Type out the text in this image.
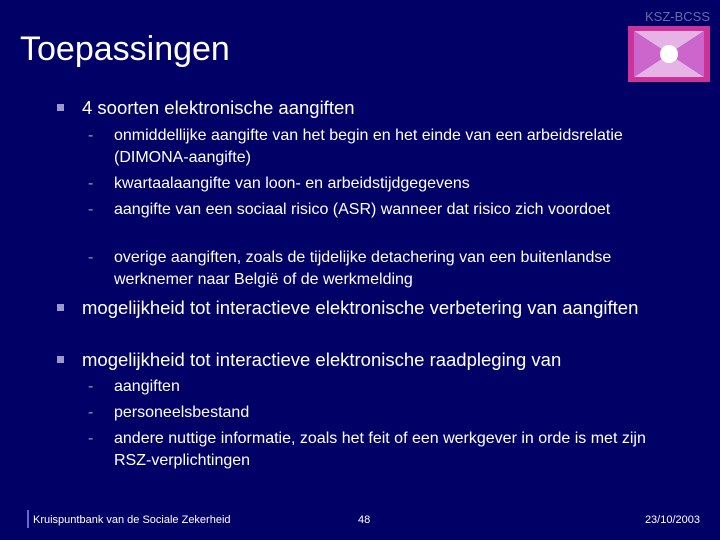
KSZ-BCSS
Toepassingen
4 soorten elektronische aangiften
- onmiddellijke aangifte van het begin en het einde van een arbeidsrelatie (DIMONA-aangifte)
- kwartaalaangifte van loon- en arbeidstijdgegevens
- aangifte van een sociaal risico (ASR) wanneer dat risico zich voordoet
- overige aangiften, zoals de tijdelijke detachering van een buitenlandse werknemer naar België of de werkmelding
mogelijkheid tot interactieve elektronische verbetering van aangiften
mogelijkheid tot interactieve elektronische raadpleging van
- aangiften
- personeelsbestand
- andere nuttige informatie, zoals het feit of een werkgever in orde is met zijn RSZ-verplichtingen
Kruispuntbank van de Sociale Zekerheid	48	23/10/2003
